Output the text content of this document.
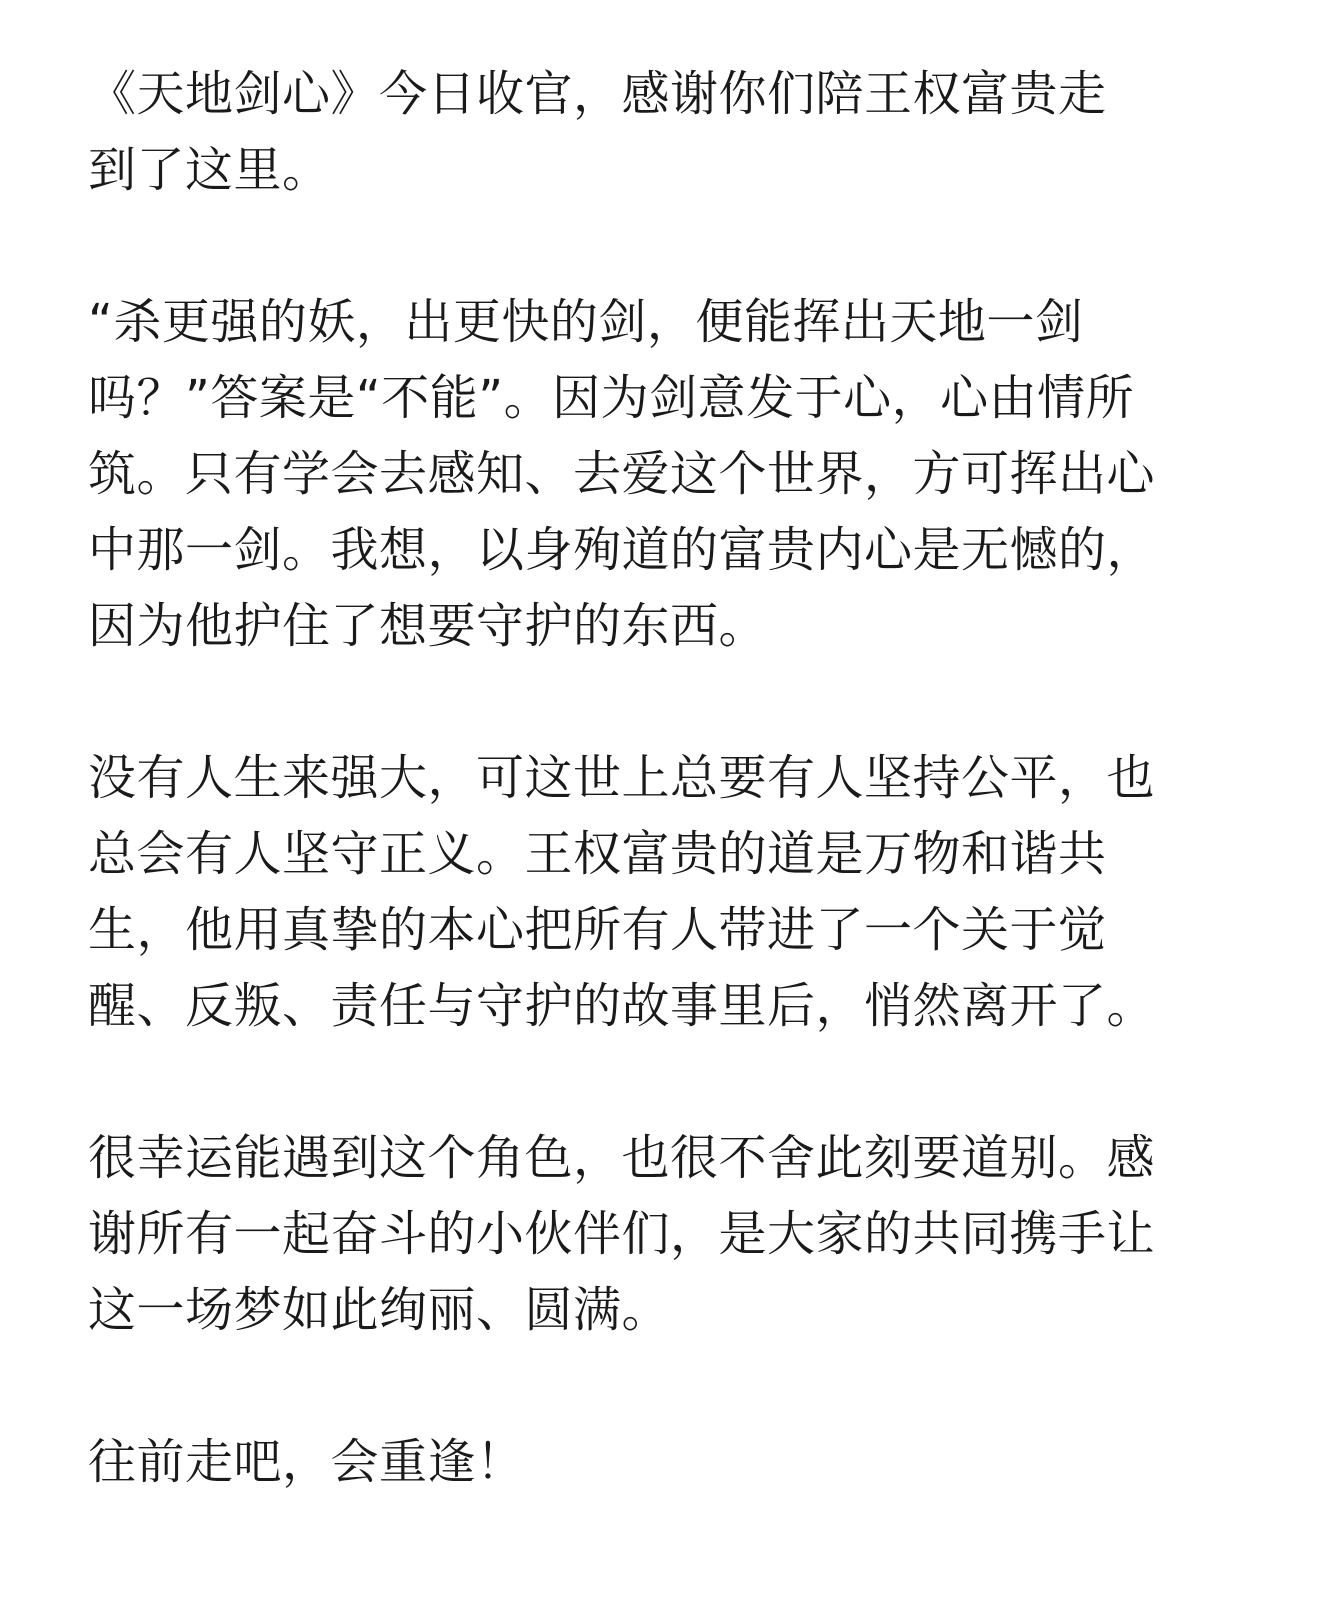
《天地剑心》今日收官，感谢你们陪王权富贵走
到了这里。
“杀更强的妖，出更快的剑，便能挥出天地一剑
吗？”答案是“不能”。因为剑意发于心，心由情所
筑。只有学会去感知、去爱这个世界，方可挥出心
中那一剑。我想，以身殉道的富贵内心是无憾的，
因为他护住了想要守护的东西。
没有人生来强大，可这世上总要有人坚持公平，也
总会有人坚守正义。王权富贵的道是万物和谐共
生，他用真挚的本心把所有人带进了一个关于觉
醒、反叛、责任与守护的故事里后，悄然离开了。
很幸运能遇到这个角色，也很不舍此刻要道别。感
谢所有一起奋斗的小伙伴们，是大家的共同携手让
这一场梦如此绚丽、圆满。
往前走吧，会重逢！
